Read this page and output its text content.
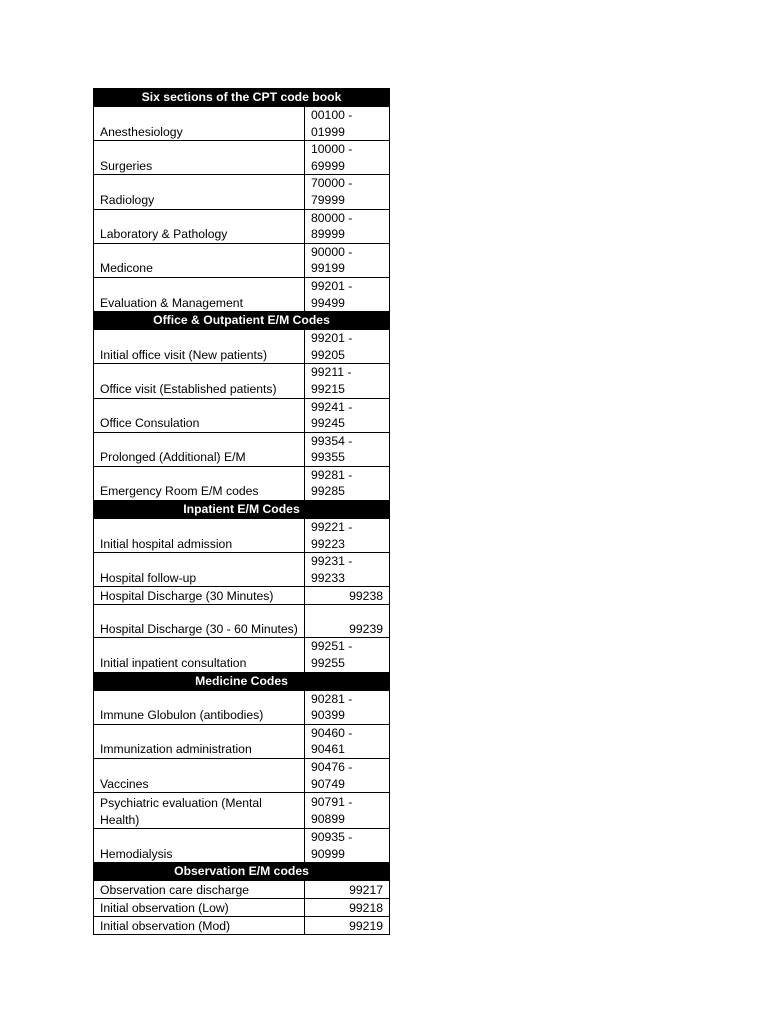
Six sections of the CPT code book	
Anesthesiology	00100 -
01999

Surgeries	10000 -
69999

Radiology	70000 -
79999

Laboratory & Pathology	80000 -
89999

Medicone	90000 -
99199

Evaluation & Management	99201 -
99499

Office & Outpatient E/M Codes	
Initial office visit (New patients)	99201 -
99205

Office visit (Established patients)	99211 -
99215

Office Consulation	99241 -
99245

Prolonged (Additional) E/M	99354 -
99355

Emergency Room E/M codes	99281 -
99285

Inpatient E/M Codes	
Initial hospital admission	99221 -
99223

Hospital follow-up	99231 -
99233

Hospital Discharge (30 Minutes)	99238

Hospital Discharge (30 - 60 Minutes)	99239
Initial inpatient consultation	99251 -
99255

Medicine Codes	
Immune Globulon (antibodies)	90281 -
90399

Immunization administration	90460 -
90461

Vaccines	90476 -
90749

Psychiatric evaluation (Mental Health)	90791 -
90899

Hemodialysis	90935 -
90999

Observation E/M codes	
Observation care discharge	99217
Initial observation (Low)	99218
Initial observation (Mod)	99219
